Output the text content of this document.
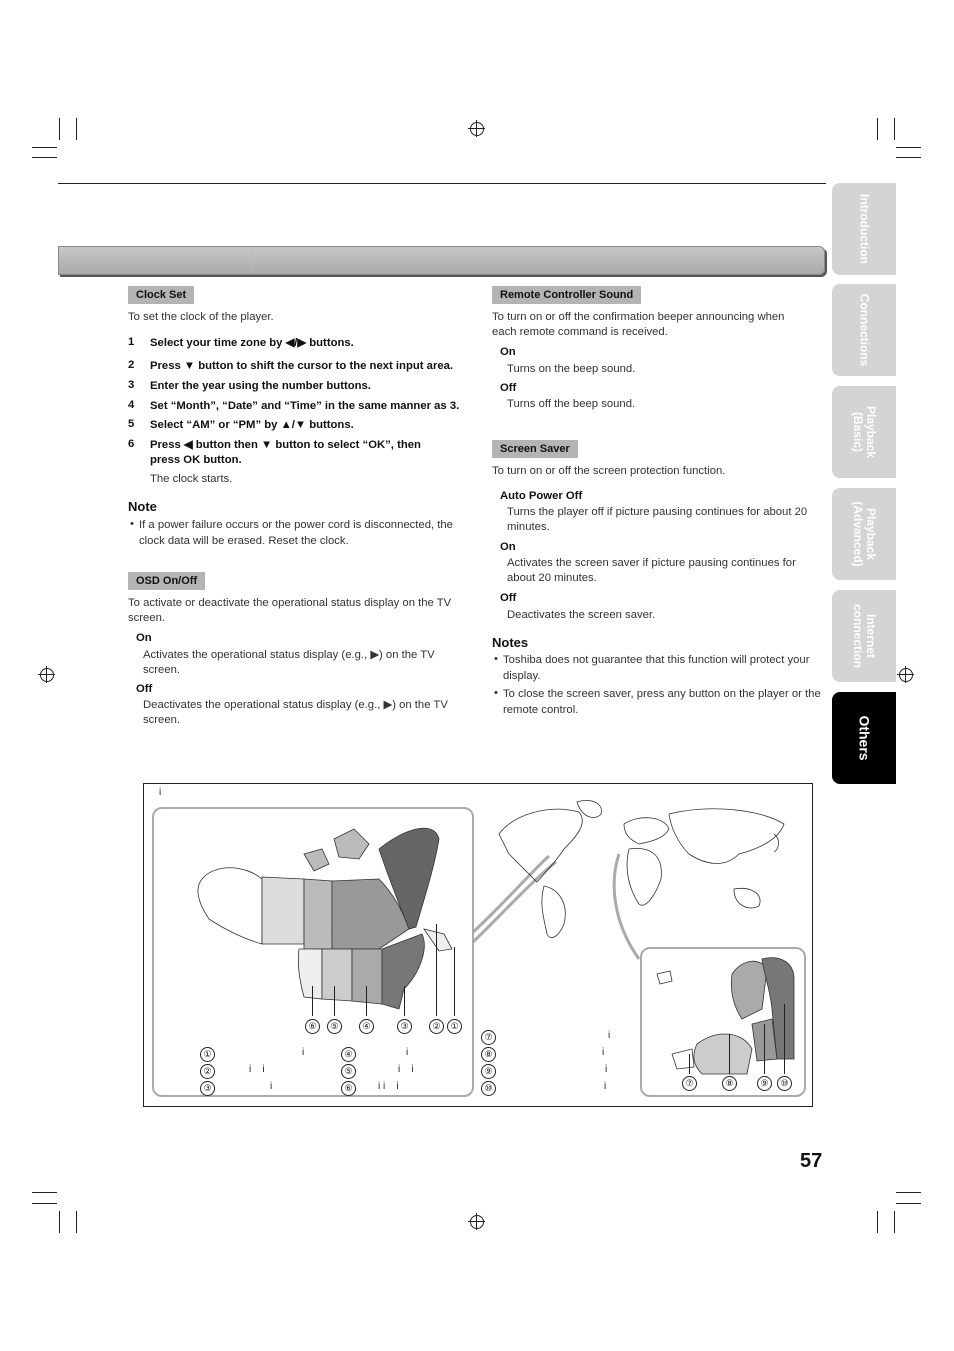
Introduction
Connections
Playback
(Basic)
Playback
(Advanced)
Internet
connection
Others
Clock Set
To set the clock of the player.
1 Select your time zone by ◀/▶ buttons.
2 Press ▼ button to shift the cursor to the next input area.
3 Enter the year using the number buttons.
4 Set “Month”, “Date” and “Time” in the same manner as 3.
5 Select “AM” or “PM” by ▲/▼ buttons.
6 Press ◀ button then ▼ button to select “OK”, then press OK button.
The clock starts.
Note
• If a power failure occurs or the power cord is disconnected, the clock data will be erased. Reset the clock.
OSD On/Off
To activate or deactivate the operational status display on the TV screen.
On
Activates the operational status display (e.g., ▶) on the TV screen.
Off
Deactivates the operational status display (e.g., ▶) on the TV screen.
Remote Controller Sound
To turn on or off the confirmation beeper announcing when each remote command is received.
On
Turns on the beep sound.
Off
Turns off the beep sound.
Screen Saver
To turn on or off the screen protection function.
Auto Power Off
Turns the player off if picture pausing continues for about 20 minutes.
On
Activates the screen saver if picture pausing continues for about 20 minutes.
Off
Deactivates the screen saver.
Notes
• Toshiba does not guarantee that this function will protect your display.
• To close the screen saver, press any button on the player or the remote control.
i
⑥	⑤	④	③	②	①
⑦	⑧	⑨	⑩
①
②
③
④
⑤
⑥
⑦
⑧
⑨
⑩
i
i    i
i
i
i    i
i i    i
i
i
i
i
57
